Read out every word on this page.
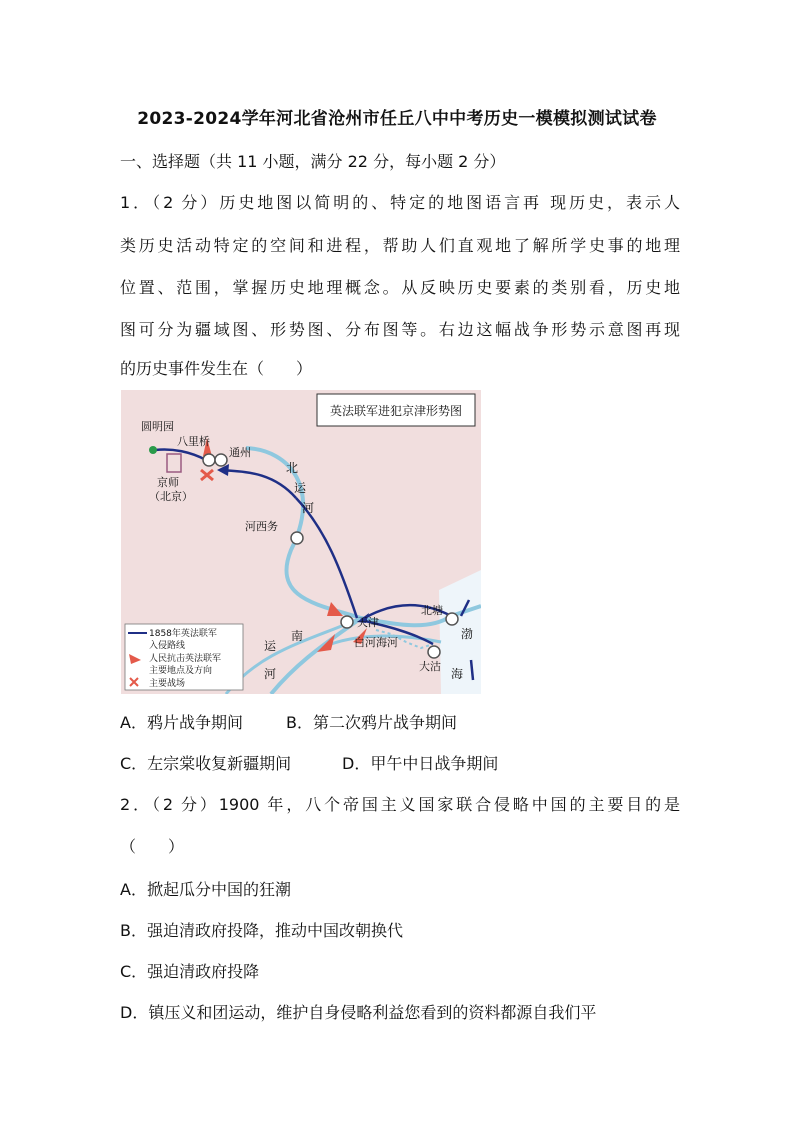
2023-2024学年河北省沧州市任丘八中中考历史一模模拟测试试卷
一、选择题（共 11 小题，满分 22 分，每小题 2 分）
1．（2 分）历史地图以简明的、特定的地图语言再 现历史，表示人
类历史活动特定的空间和进程，帮助人们直观地了解所学史事的地理
位置、范围，掌握历史地理概念。从反映历史要素的类别看，历史地
图可分为疆域图、形势图、分布图等。右边这幅战争形势示意图再现
的历史事件发生在（　　）
英法联军进犯京津形势图
圆明园
八里桥
通州
京师
（北京）
河西务
天津
北塘
大沽
白河海河
北
运
河
南
运
河
渤
海
1858年英法联军
入侵路线
人民抗击英法联军
主要地点及方向
主要战场
A．鸦片战争期间	B．第二次鸦片战争期间
C．左宗棠收复新疆期间	D．甲午中日战争期间
2．（2 分）1900 年，八个帝国主义国家联合侵略中国的主要目的是
（　　）
A．掀起瓜分中国的狂潮
B．强迫清政府投降，推动中国改朝换代
C．强迫清政府投降
D．镇压义和团运动，维护自身侵略利益您看到的资料都源自我们平
